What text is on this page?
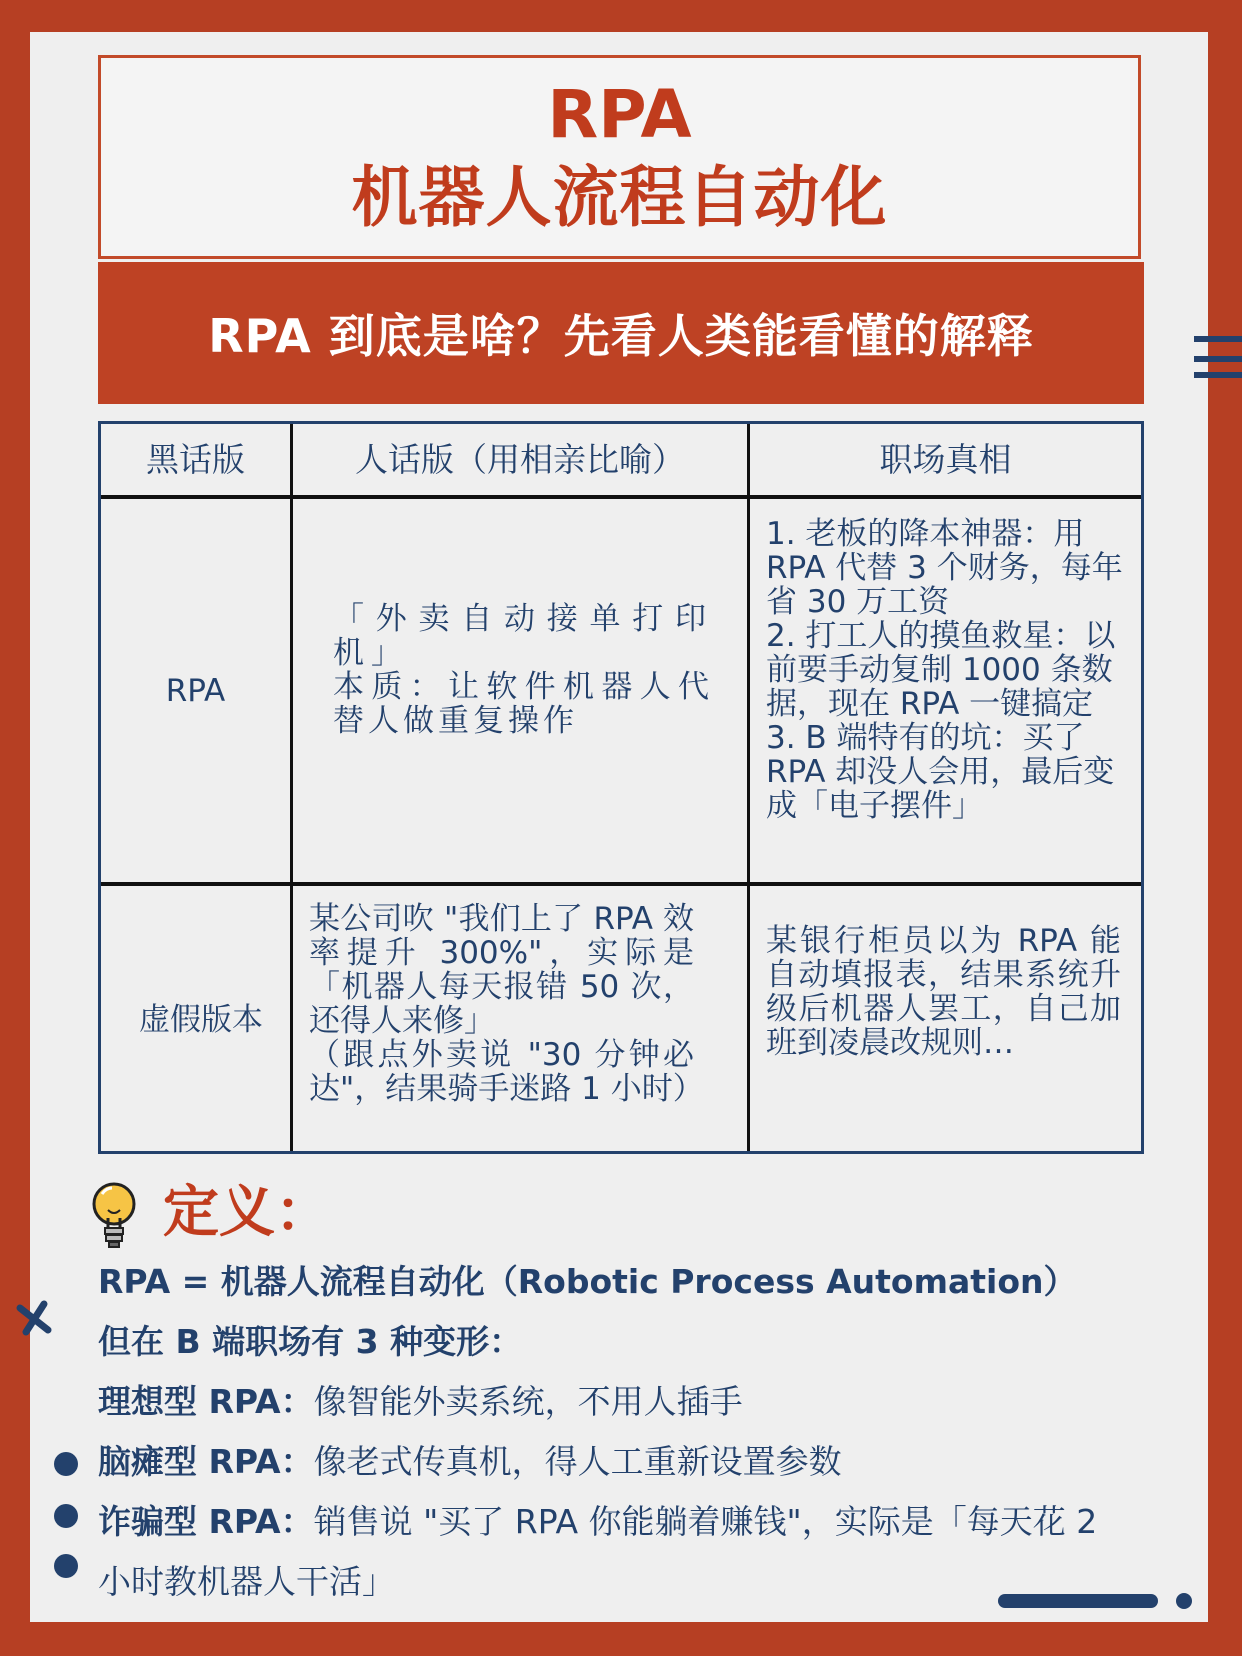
RPA
机器人流程自动化
RPA 到底是啥？先看人类能看懂的解释
黑话版	人话版（用相亲比喻）	职场真相
RPA
「外卖自动接单打印机」
本质：让软件机器人代替人做重复操作
1. 老板的降本神器：用 RPA 代替 3 个财务，每年省 30 万工资
2. 打工人的摸鱼救星：以前要手动复制 1000 条数据，现在 RPA 一键搞定
3. B 端特有的坑：买了 RPA 却没人会用，最后变成「电子摆件」
虚假版本
某公司吹 "我们上了 RPA 效率提升 300%"，实际是「机器人每天报错 50 次，还得人来修」
（跟点外卖说 "30 分钟必达"，结果骑手迷路 1 小时）
某银行柜员以为 RPA 能自动填报表，结果系统升级后机器人罢工，自己加班到凌晨改规则…
定义：
RPA = 机器人流程自动化（Robotic Process Automation）
但在 B 端职场有 3 种变形：
理想型 RPA：像智能外卖系统，不用人插手
脑瘫型 RPA：像老式传真机，得人工重新设置参数
诈骗型 RPA：销售说 "买了 RPA 你能躺着赚钱"，实际是「每天花 2
小时教机器人干活」
